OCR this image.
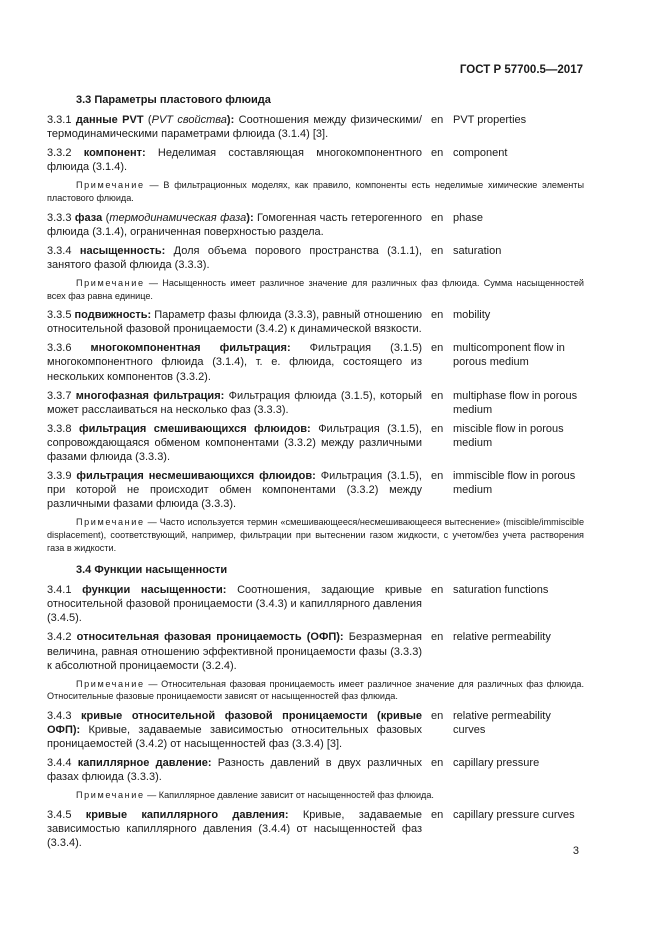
ГОСТ Р 57700.5—2017
3.3 Параметры пластового флюида
3.3.1 данные PVT (PVT свойства): Соотношения между физическими/термодинамическими параметрами флюида (3.1.4) [3].
en PVT properties
3.3.2 компонент: Неделимая составляющая многокомпонентного флюида (3.1.4).
en component
Примечание — В фильтрационных моделях, как правило, компоненты есть неделимые химические элементы пластового флюида.
3.3.3 фаза (термодинамическая фаза): Гомогенная часть гетерогенного флюида (3.1.4), ограниченная поверхностью раздела.
en phase
3.3.4 насыщенность: Доля объема порового пространства (3.1.1), занятого фазой флюида (3.3.3).
en saturation
Примечание — Насыщенность имеет различное значение для различных фаз флюида. Сумма насыщенностей всех фаз равна единице.
3.3.5 подвижность: Параметр фазы флюида (3.3.3), равный отношению относительной фазовой проницаемости (3.4.2) к динамической вязкости.
en mobility
3.3.6 многокомпонентная фильтрация: Фильтрация (3.1.5) многокомпонентного флюида (3.1.4), т. е. флюида, состоящего из нескольких компонентов (3.3.2).
en multicomponent flow in porous medium
3.3.7 многофазная фильтрация: Фильтрация флюида (3.1.5), который может расслаиваться на несколько фаз (3.3.3).
en multiphase flow in porous medium
3.3.8 фильтрация смешивающихся флюидов: Фильтрация (3.1.5), сопровождающаяся обменом компонентами (3.3.2) между различными фазами флюида (3.3.3).
en miscible flow in porous medium
3.3.9 фильтрация несмешивающихся флюидов: Фильтрация (3.1.5), при которой не происходит обмен компонентами (3.3.2) между различными фазами флюида (3.3.3).
en immiscible flow in porous medium
Примечание — Часто используется термин «смешивающееся/несмешивающееся вытеснение» (miscible/immiscible displacement), соответствующий, например, фильтрации при вытеснении газом жидкости, с учетом/без учета растворения газа в жидкости.
3.4 Функции насыщенности
3.4.1 функции насыщенности: Соотношения, задающие кривые относительной фазовой проницаемости (3.4.3) и капиллярного давления (3.4.5).
en saturation functions
3.4.2 относительная фазовая проницаемость (ОФП): Безразмерная величина, равная отношению эффективной проницаемости фазы (3.3.3) к абсолютной проницаемости (3.2.4).
en relative permeability
Примечание — Относительная фазовая проницаемость имеет различное значение для различных фаз флюида. Относительные фазовые проницаемости зависят от насыщенностей фаз флюида.
3.4.3 кривые относительной фазовой проницаемости (кривые ОФП): Кривые, задаваемые зависимостью относительных фазовых проницаемостей (3.4.2) от насыщенностей фаз (3.3.4) [3].
en relative permeability curves
3.4.4 капиллярное давление: Разность давлений в двух различных фазах флюида (3.3.3).
en capillary pressure
Примечание — Капиллярное давление зависит от насыщенностей фаз флюида.
3.4.5 кривые капиллярного давления: Кривые, задаваемые зависимостью капиллярного давления (3.4.4) от насыщенностей фаз (3.3.4).
en capillary pressure curves
3
